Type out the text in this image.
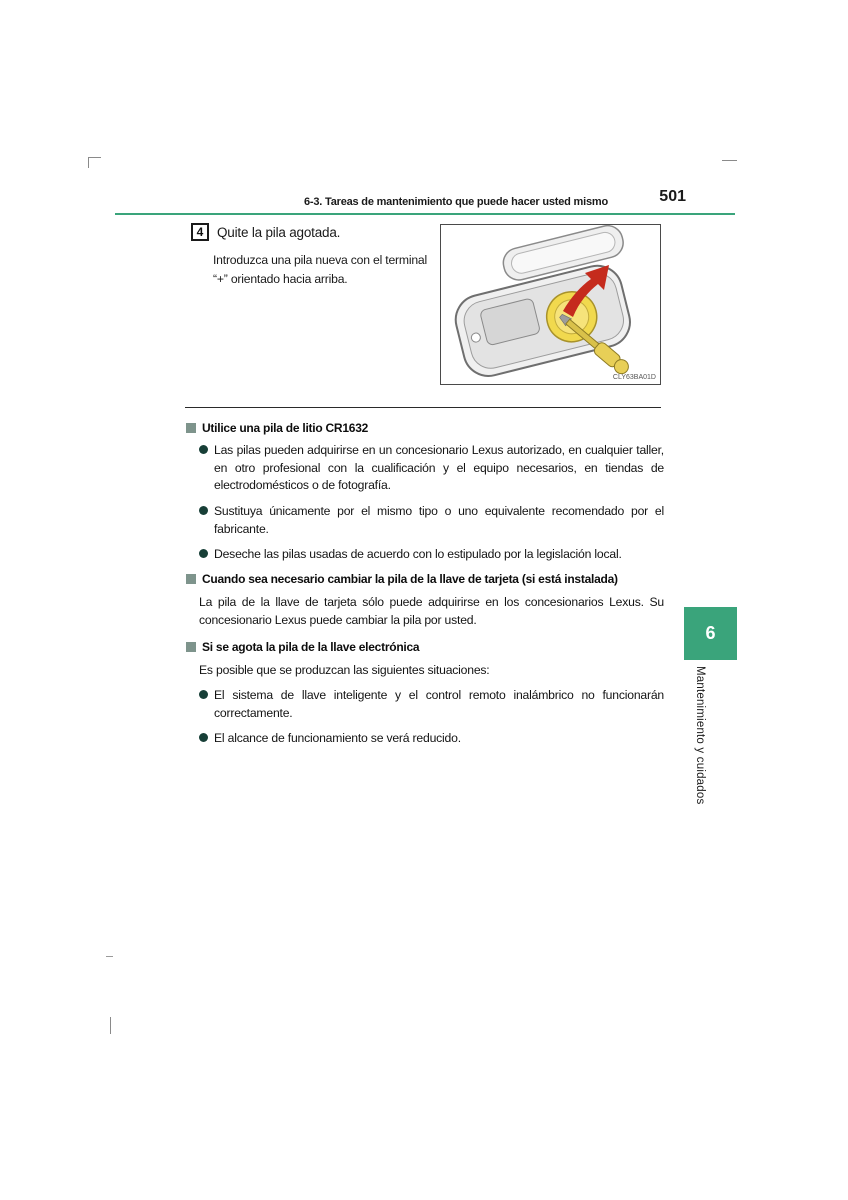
6-3. Tareas de mantenimiento que puede hacer usted mismo	501
4	Quite la pila agotada.
Introduzca una pila nueva con el terminal “+” orientado hacia arriba.
CLY63BA01D
Utilice una pila de litio CR1632
Las pilas pueden adquirirse en un concesionario Lexus autorizado, en cualquier taller, en otro profesional con la cualificación y el equipo necesarios, en tiendas de electrodomésticos o de fotografía.
Sustituya únicamente por el mismo tipo o uno equivalente recomendado por el fabricante.
Deseche las pilas usadas de acuerdo con lo estipulado por la legislación local.
Cuando sea necesario cambiar la pila de la llave de tarjeta (si está instalada)
La pila de la llave de tarjeta sólo puede adquirirse en los concesionarios Lexus. Su concesionario Lexus puede cambiar la pila por usted.
Si se agota la pila de la llave electrónica
Es posible que se produzcan las siguientes situaciones:
El sistema de llave inteligente y el control remoto inalámbrico no funcionarán correctamente.
El alcance de funcionamiento se verá reducido.
6
Mantenimiento y cuidados
